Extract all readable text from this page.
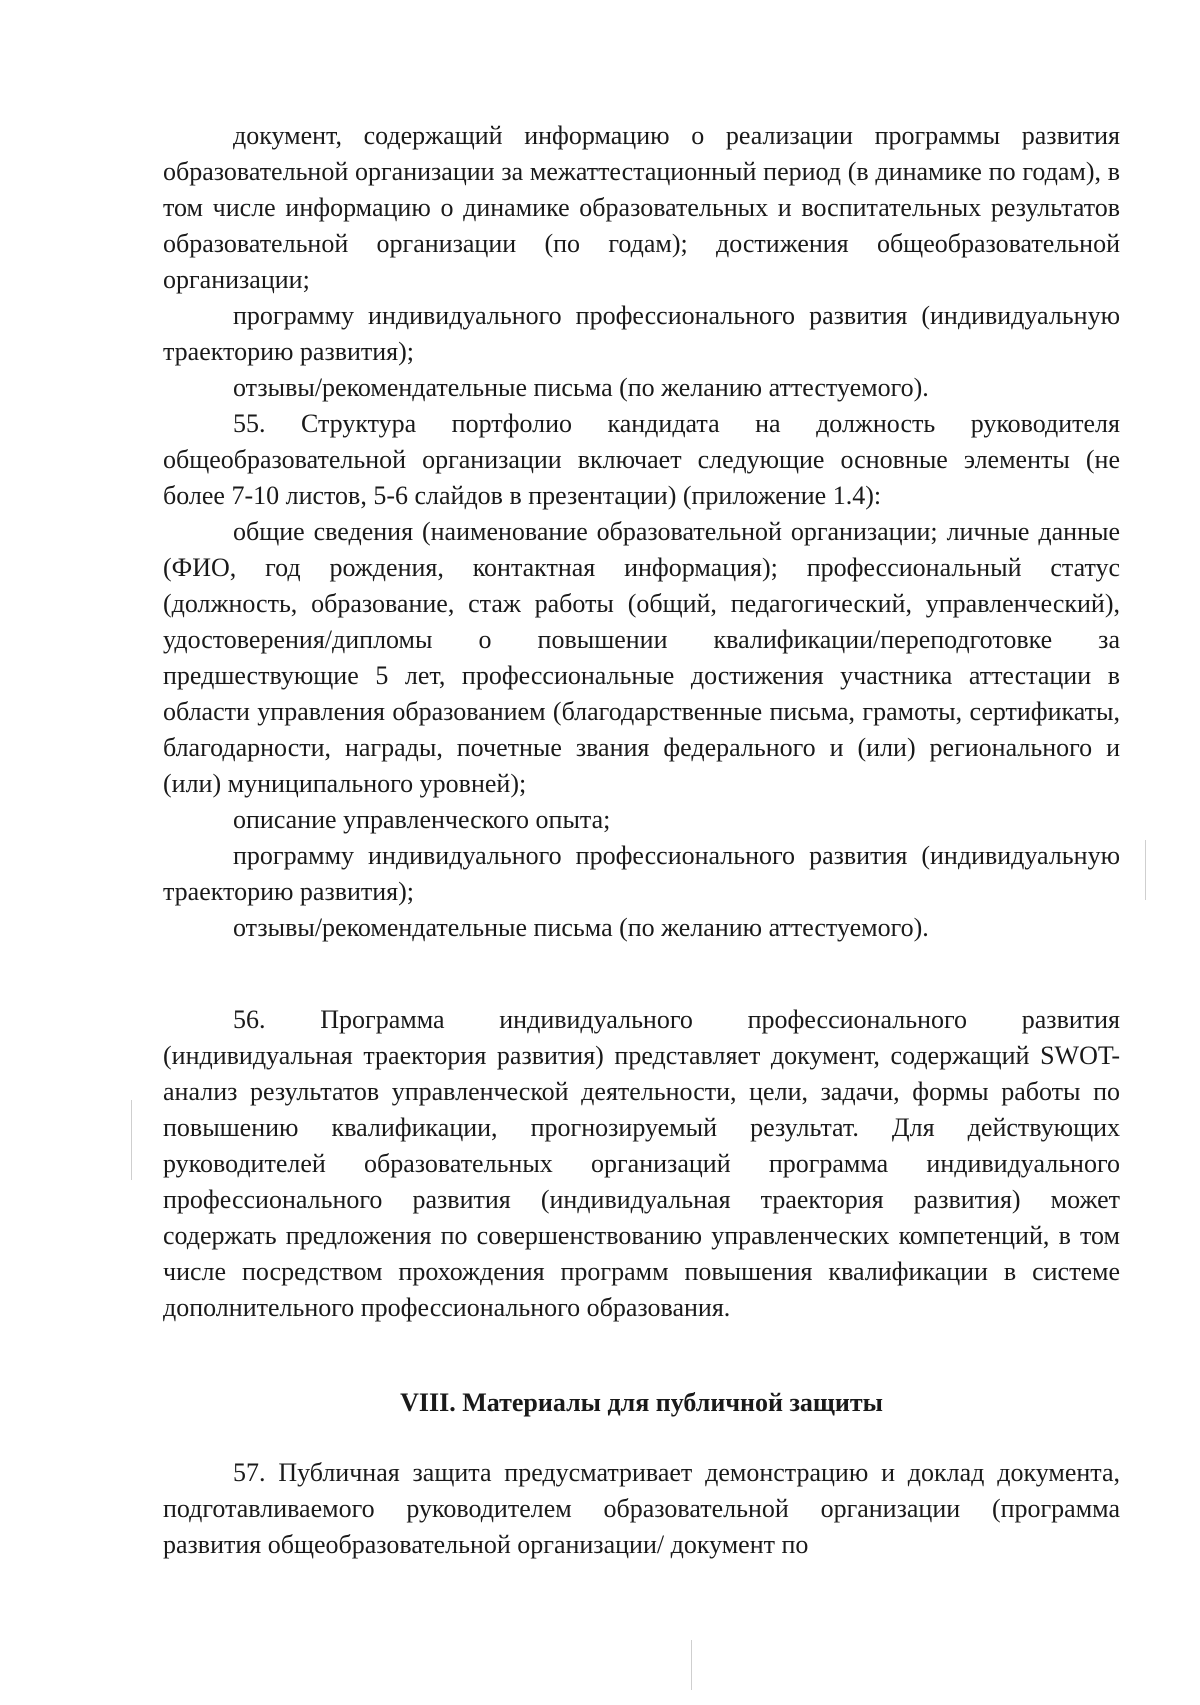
документ, содержащий информацию о реализации программы развития образовательной организации за межаттестационный период (в динамике по годам), в том числе информацию о динамике образовательных и воспитательных результатов образовательной организации (по годам); достижения общеобразовательной организации;

программу индивидуального профессионального развития (индивидуальную траекторию развития);

отзывы/рекомендательные письма (по желанию аттестуемого).

55. Структура портфолио кандидата на должность руководителя общеобразовательной организации включает следующие основные элементы (не более 7-10 листов, 5-6 слайдов в презентации) (приложение 1.4):

общие сведения (наименование образовательной организации; личные данные (ФИО, год рождения, контактная информация); профессиональный статус (должность, образование, стаж работы (общий, педагогический, управленческий), удостоверения/дипломы о повышении квалификации/переподготовке за предшествующие 5 лет, профессиональные достижения участника аттестации в области управления образованием (благодарственные письма, грамоты, сертификаты, благодарности, награды, почетные звания федерального и (или) регионального и (или) муниципального уровней);

описание управленческого опыта;

программу индивидуального профессионального развития (индивидуальную траекторию развития);

отзывы/рекомендательные письма (по желанию аттестуемого).

56. Программа индивидуального профессионального развития (индивидуальная траектория развития) представляет документ, содержащий SWOT-анализ результатов управленческой деятельности, цели, задачи, формы работы по повышению квалификации, прогнозируемый результат. Для действующих руководителей образовательных организаций программа индивидуального профессионального развития (индивидуальная траектория развития) может содержать предложения по совершенствованию управленческих компетенций, в том числе посредством прохождения программ повышения квалификации в системе дополнительного профессионального образования.

VIII. Материалы для публичной защиты

57. Публичная защита предусматривает демонстрацию и доклад документа, подготавливаемого руководителем образовательной организации (программа развития общеобразовательной организации/ документ по
